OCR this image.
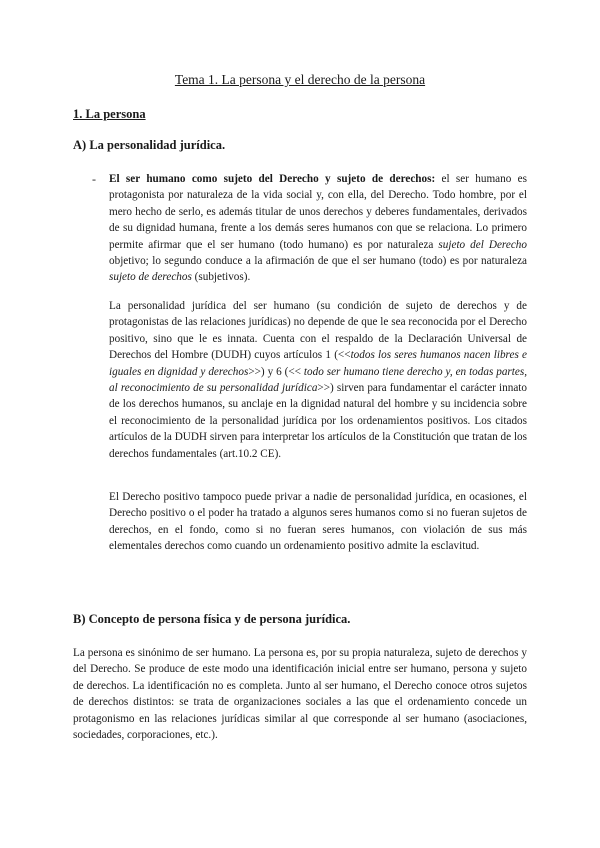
Tema 1. La persona y el derecho de la persona
1. La persona
A) La personalidad jurídica.
- El ser humano como sujeto del Derecho y sujeto de derechos: el ser humano es protagonista por naturaleza de la vida social y, con ella, del Derecho. Todo hombre, por el mero hecho de serlo, es además titular de unos derechos y deberes fundamentales, derivados de su dignidad humana, frente a los demás seres humanos con que se relaciona. Lo primero permite afirmar que el ser humano (todo humano) es por naturaleza sujeto del Derecho objetivo; lo segundo conduce a la afirmación de que el ser humano (todo) es por naturaleza sujeto de derechos (subjetivos).

La personalidad jurídica del ser humano (su condición de sujeto de derechos y de protagonistas de las relaciones jurídicas) no depende de que le sea reconocida por el Derecho positivo, sino que le es innata. Cuenta con el respaldo de la Declaración Universal de Derechos del Hombre (DUDH) cuyos artículos 1 (<<todos los seres humanos nacen libres e iguales en dignidad y derechos>>) y 6 (<< todo ser humano tiene derecho y, en todas partes, al reconocimiento de su personalidad jurídica>>) sirven para fundamentar el carácter innato de los derechos humanos, su anclaje en la dignidad natural del hombre y su incidencia sobre el reconocimiento de la personalidad jurídica por los ordenamientos positivos. Los citados artículos de la DUDH sirven para interpretar los artículos de la Constitución que tratan de los derechos fundamentales (art.10.2 CE).

El Derecho positivo tampoco puede privar a nadie de personalidad jurídica, en ocasiones, el Derecho positivo o el poder ha tratado a algunos seres humanos como si no fueran sujetos de derechos, en el fondo, como si no fueran seres humanos, con violación de sus más elementales derechos como cuando un ordenamiento positivo admite la esclavitud.

B) Concepto de persona física y de persona jurídica.

La persona es sinónimo de ser humano. La persona es, por su propia naturaleza, sujeto de derechos y del Derecho. Se produce de este modo una identificación inicial entre ser humano, persona y sujeto de derechos. La identificación no es completa. Junto al ser humano, el Derecho conoce otros sujetos de derechos distintos: se trata de organizaciones sociales a las que el ordenamiento concede un protagonismo en las relaciones jurídicas similar al que corresponde al ser humano (asociaciones, sociedades, corporaciones, etc.).
